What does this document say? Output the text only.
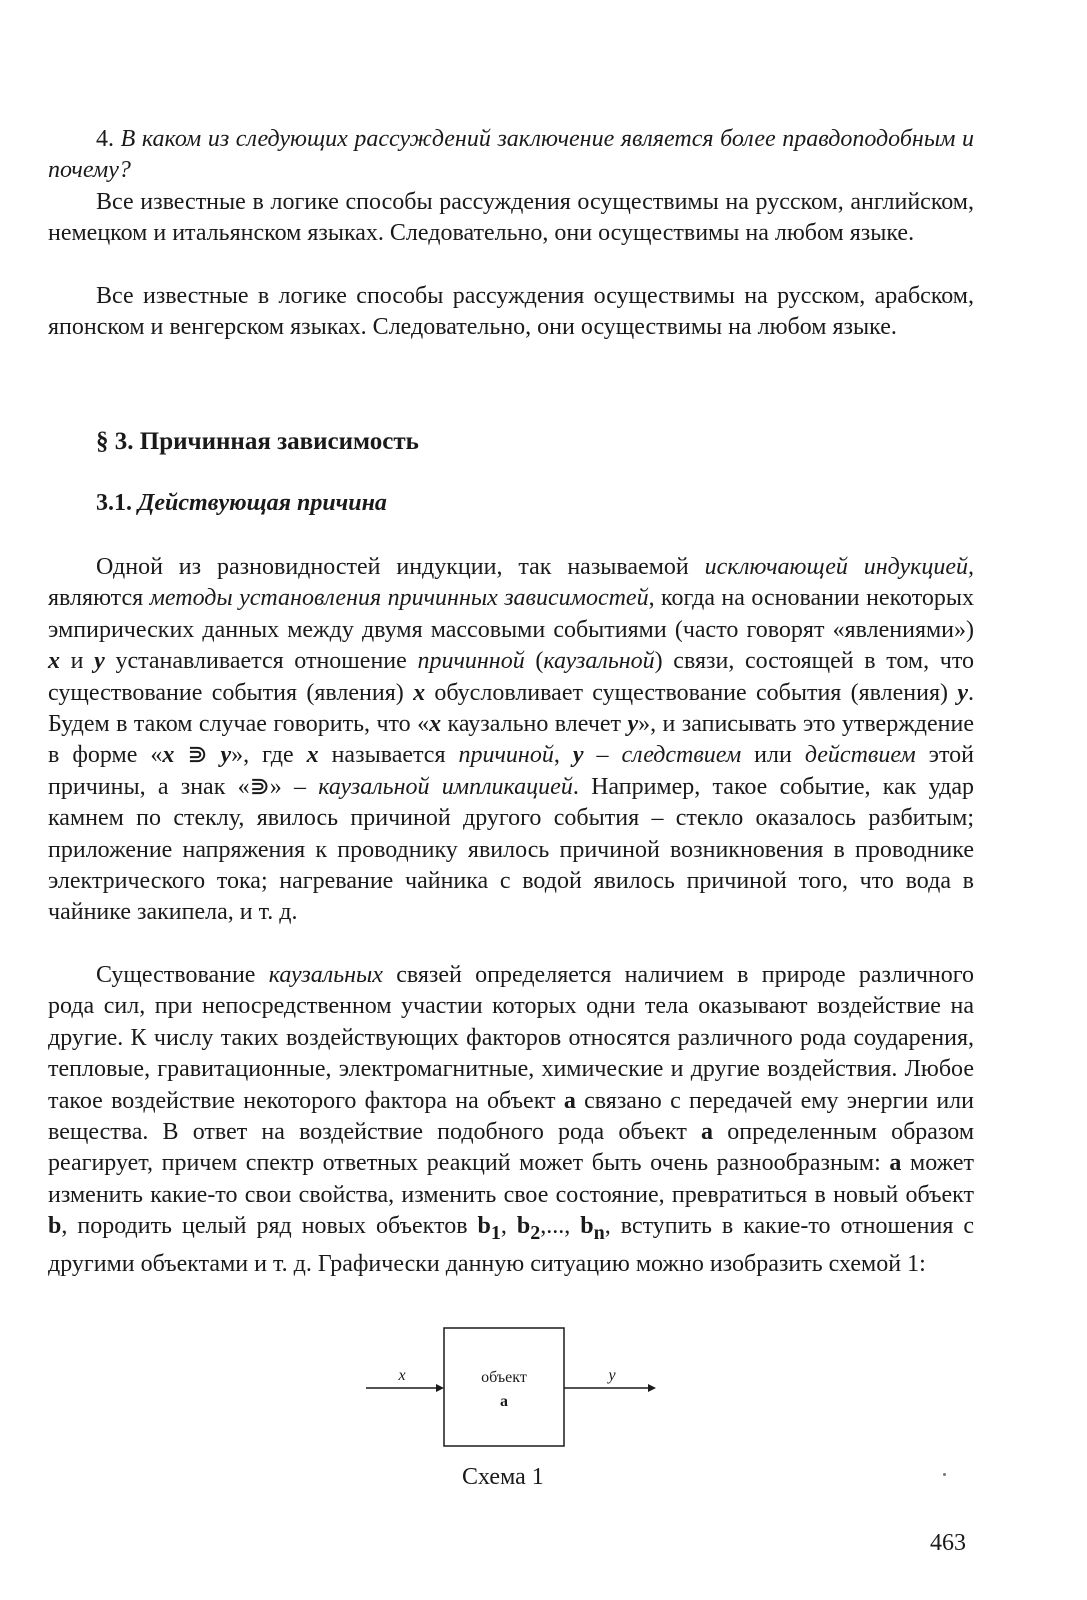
4. В каком из следующих рассуждений заключение является более правдоподобным и почему?

Все известные в логике способы рассуждения осуществимы на русском, английском, немецком и итальянском языках. Следовательно, они осуществимы на любом языке.

Все известные в логике способы рассуждения осуществимы на русском, арабском, японском и венгерском языках. Следовательно, они осуществимы на любом языке.

§ 3. Причинная зависимость
3.1. Действующая причина

Одной из разновидностей индукции, так называемой исключающей индукцией, являются методы установления причинных зависимостей, когда на основании некоторых эмпирических данных между двумя массовыми событиями (часто говорят «явлениями») x и y устанавливается отношение причинной (каузальной) связи, состоящей в том, что существование события (явления) x обусловливает существование события (явления) y. Будем в таком случае говорить, что «x каузально влечет y», и записывать это утверждение в форме «x ⋑ y», где x называется причиной, y – следствием или действием этой причины, а знак «⋑» – каузальной импликацией. Например, такое событие, как удар камнем по стеклу, явилось причиной другого события – стекло оказалось разбитым; приложение напряжения к проводнику явилось причиной возникновения в проводнике электрического тока; нагревание чайника с водой явилось причиной того, что вода в чайнике закипела, и т. д.

Существование каузальных связей определяется наличием в природе различного рода сил, при непосредственном участии которых одни тела оказывают воздействие на другие. К числу таких воздействующих факторов относятся различного рода соударения, тепловые, гравитационные, электромагнитные, химические и другие воздействия. Любое такое воздействие некоторого фактора на объект a связано с передачей ему энергии или вещества. В ответ на воздействие подобного рода объект a определенным образом реагирует, причем спектр ответных реакций может быть очень разнообразным: a может изменить какие-то свои свойства, изменить свое состояние, превратиться в новый объект b, породить целый ряд новых объектов $b_1$, $b_2$,..., $b_n$, вступить в какие-то отношения с другими объектами и т. д. Графически данную ситуацию можно изобразить схемой 1:

x	объект
a
y
Схема 1
463
